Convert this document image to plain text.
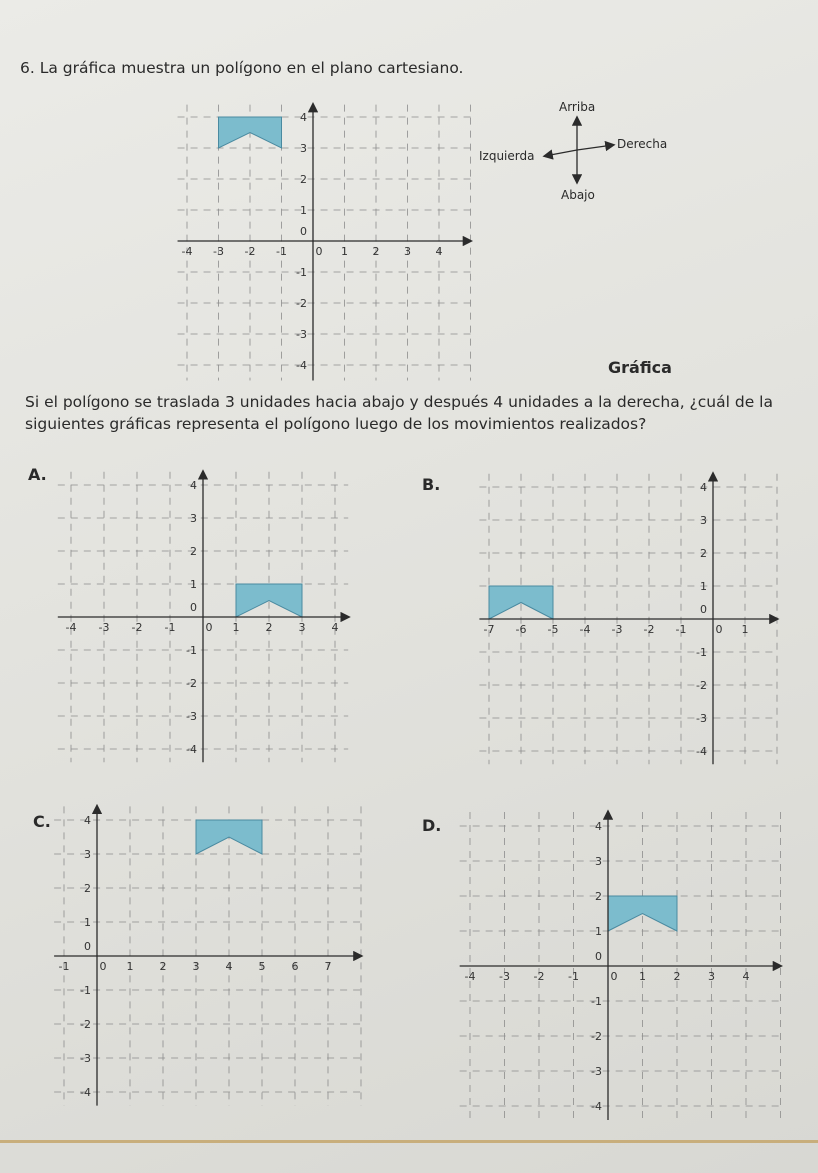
6. La gráfica muestra un polígono en el plano cartesiano.
Arriba
Izquierda
Derecha
Abajo
Gráfica
Si el polígono se traslada 3 unidades hacia abajo y después 4 unidades a la derecha, ¿cuál de la
siguientes gráficas representa el polígono luego de los movimientos realizados?
A.
B.
C.	D.
-4 -3 -2 -1	0 1 2 3 4
4
3
2
1
0
-1
-2
-3
-4
-4 -3 -2 -1	0 1 2 3 4
4
3
2
1
0
-1
-2
-3
-4
-7 -6 -5 -4 -3 -2 -1	0 1
4
3
2
1
0
-1
-2
-3
-4
-1	0 1 2 3 4 5 6 7
4
3
2
1
0
-1
-2
-3
-4
-4 -3 -2 -1	0 1	2	3	4
4
3
2
1
0
-1
-2
-3
-4
